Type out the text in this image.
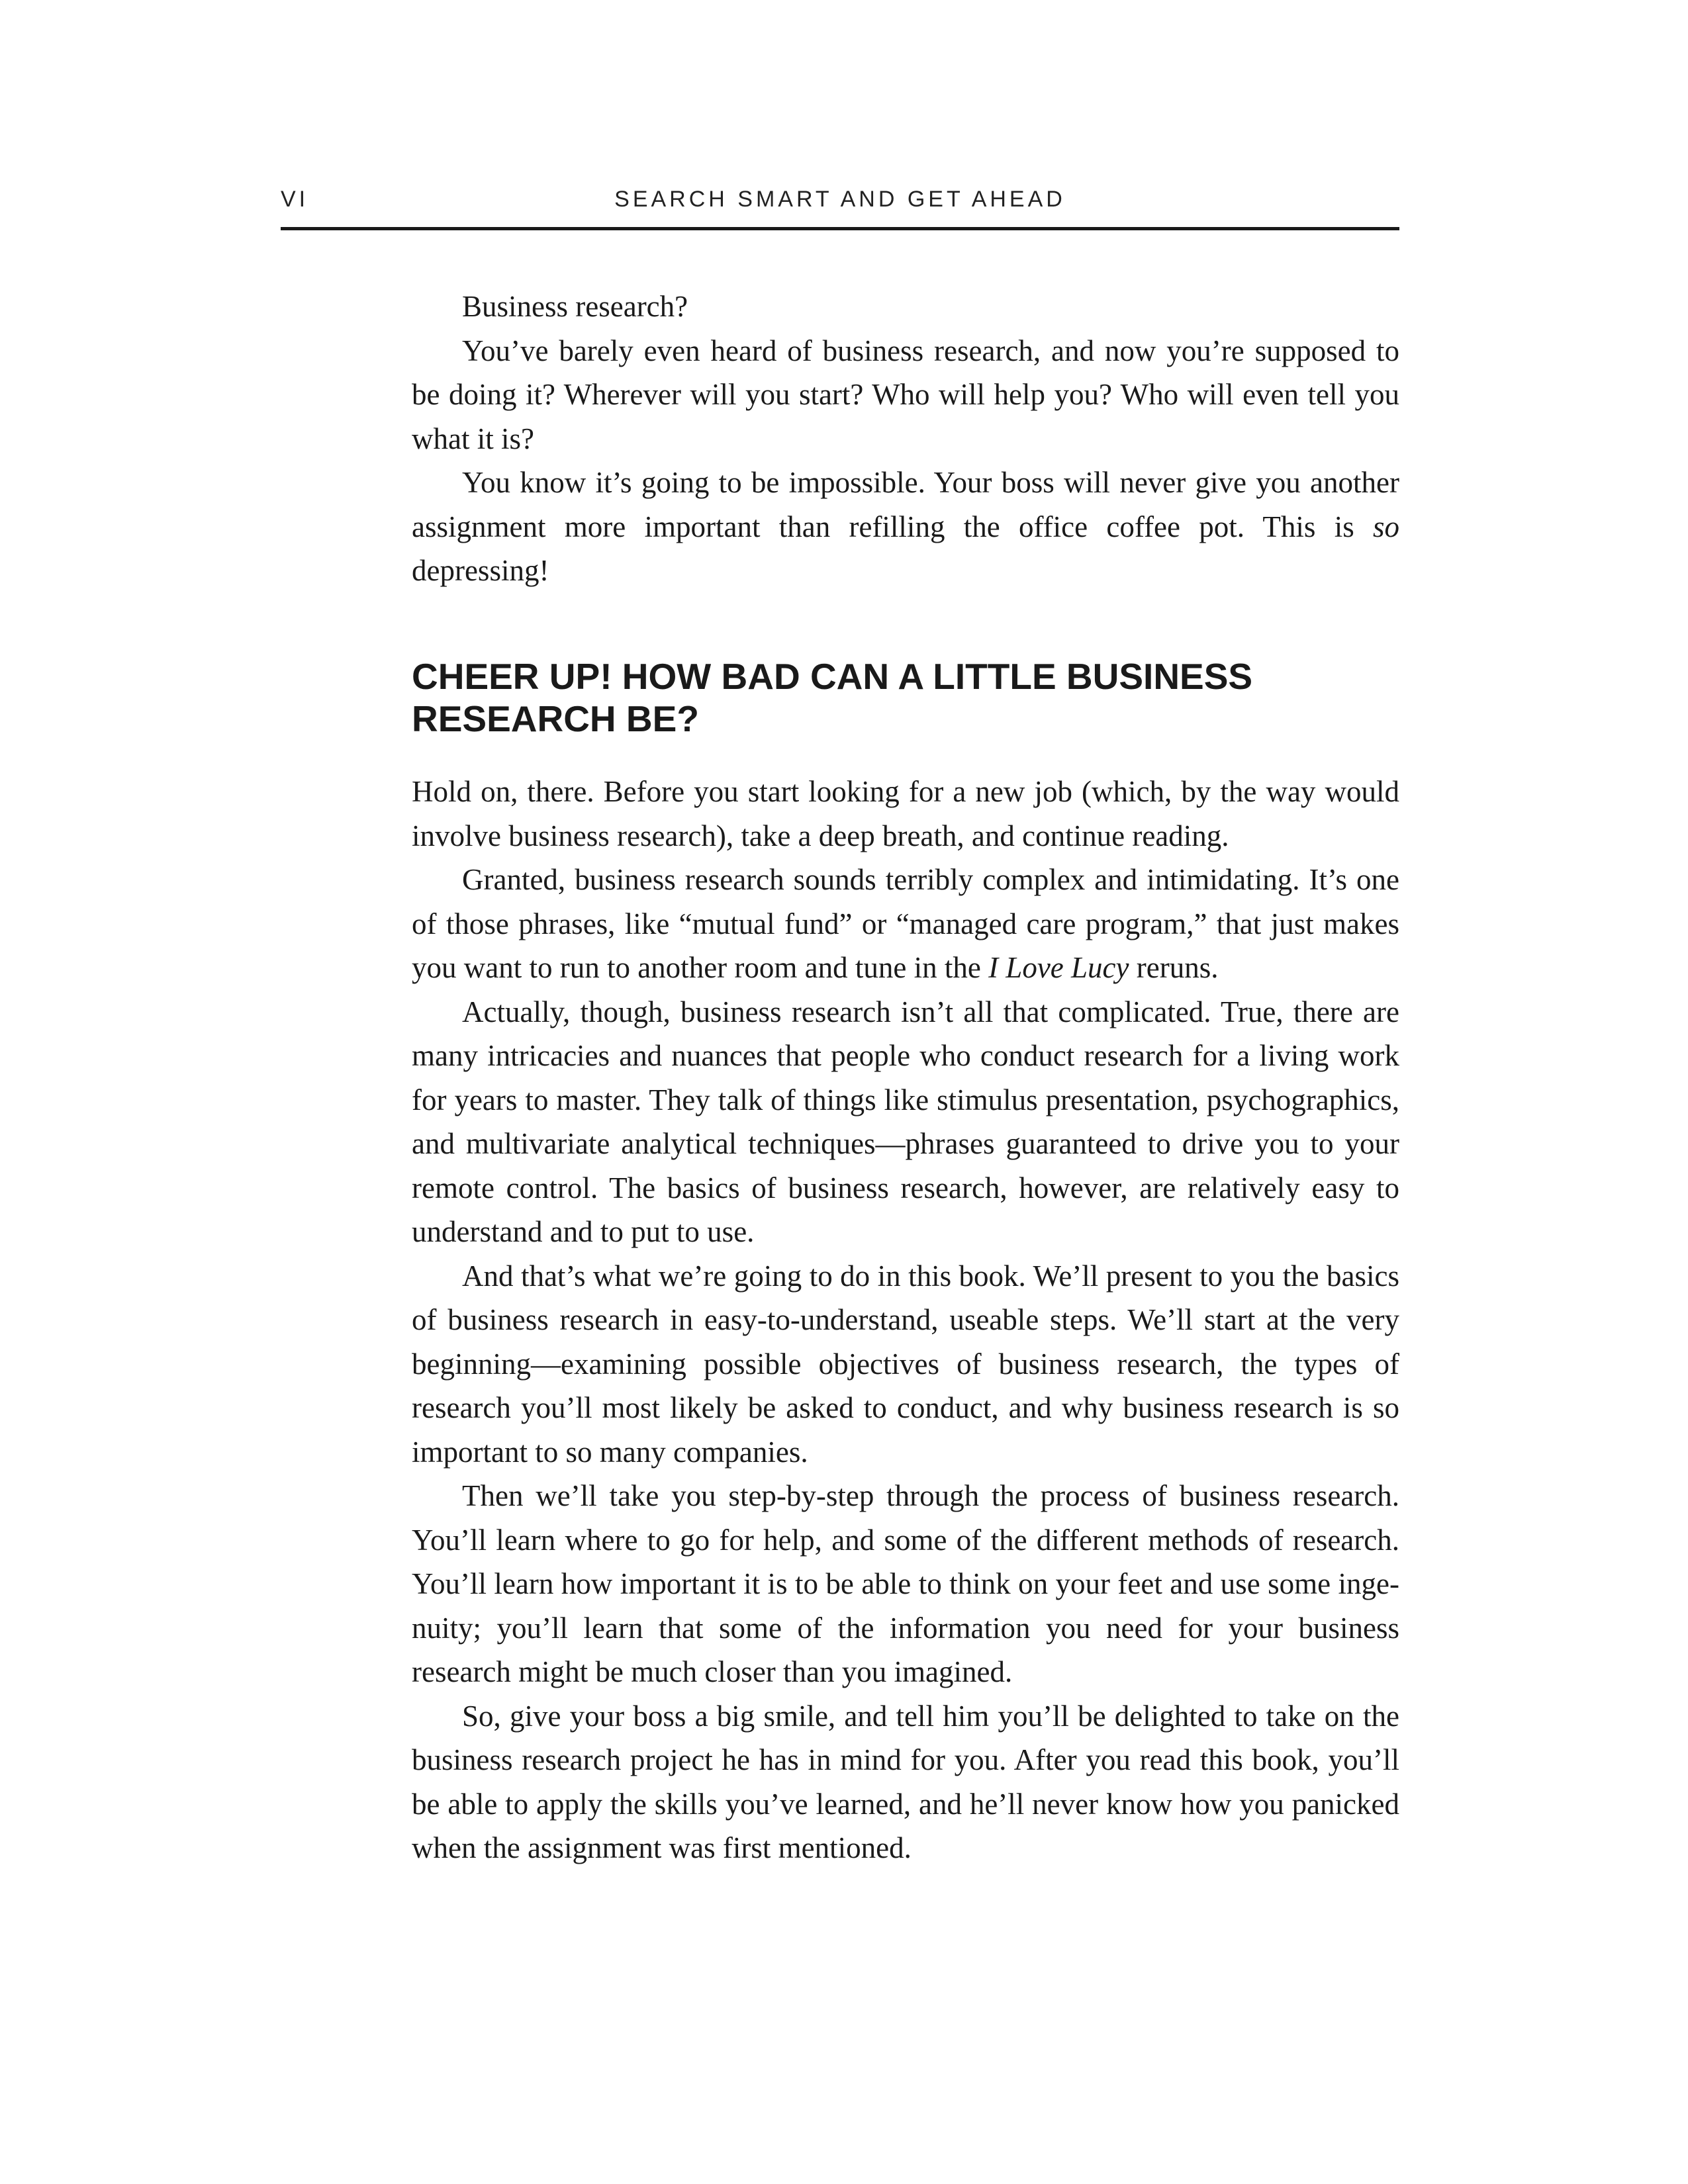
VI	SEARCH SMART AND GET AHEAD

Business research?

You’ve barely even heard of business research, and now you’re supposed to be doing it? Wherever will you start? Who will help you? Who will even tell you what it is?

You know it’s going to be impossible. Your boss will never give you another assignment more important than refilling the office coffee pot. This is so depressing!

CHEER UP! HOW BAD CAN A LITTLE BUSINESS
RESEARCH BE?

Hold on, there. Before you start looking for a new job (which, by the way would involve business research), take a deep breath, and continue reading.

Granted, business research sounds terribly complex and intimidating. It’s one of those phrases, like “mutual fund” or “managed care program,” that just makes you want to run to another room and tune in the I Love Lucy reruns.

Actually, though, business research isn’t all that complicated. True, there are many intricacies and nuances that people who conduct research for a living work for years to master. They talk of things like stimulus presentation, psychographics, and multivariate analytical techniques—phrases guaranteed to drive you to your remote control. The basics of business research, however, are relatively easy to understand and to put to use.

And that’s what we’re going to do in this book. We’ll present to you the basics of business research in easy-to-understand, useable steps. We’ll start at the very beginning—examining possible objectives of business research, the types of research you’ll most likely be asked to conduct, and why business research is so important to so many companies.

Then we’ll take you step-by-step through the process of business research. You’ll learn where to go for help, and some of the different methods of research. You’ll learn how important it is to be able to think on your feet and use some ingenuity; you’ll learn that some of the information you need for your business research might be much closer than you imagined.

So, give your boss a big smile, and tell him you’ll be delighted to take on the business research project he has in mind for you. After you read this book, you’ll be able to apply the skills you’ve learned, and he’ll never know how you panicked when the assignment was first mentioned.
